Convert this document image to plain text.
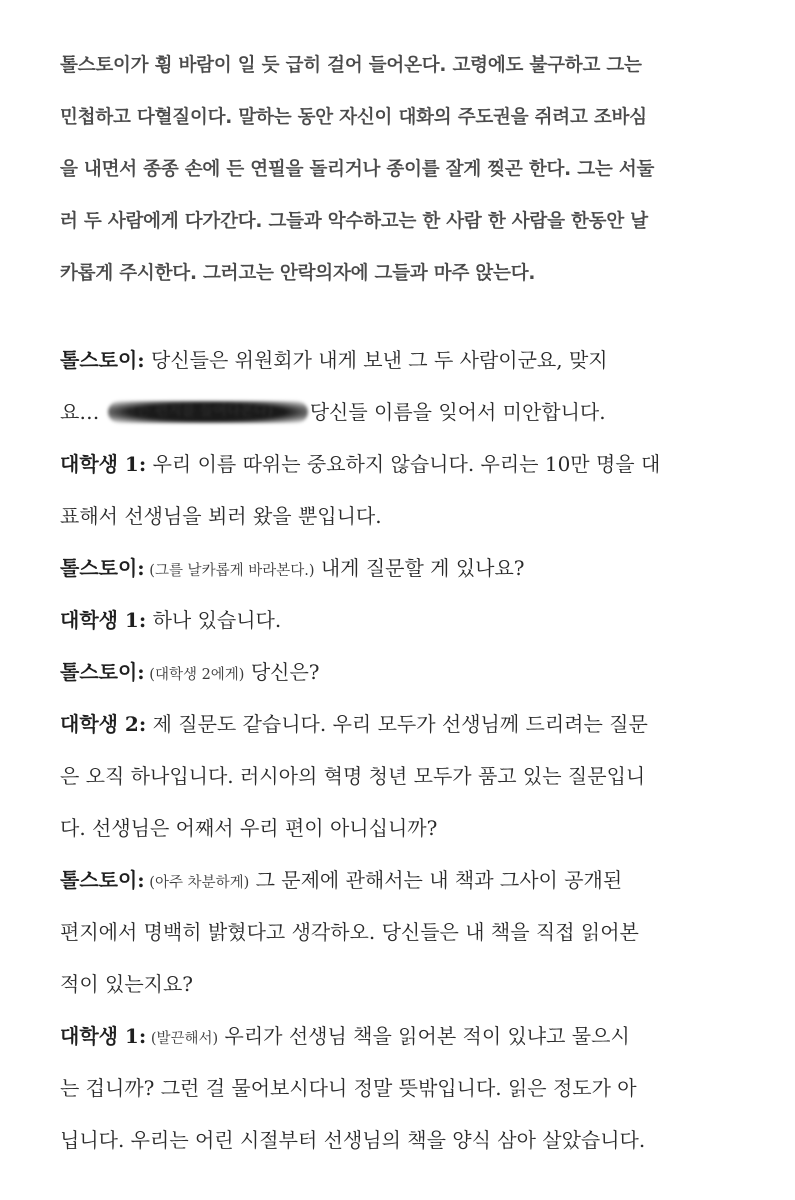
톨스토이가 휭 바람이 일 듯 급히 걸어 들어온다. 고령에도 불구하고 그는
민첩하고 다혈질이다. 말하는 동안 자신이 대화의 주도권을 쥐려고 조바심
을 내면서 종종 손에 든 연필을 돌리거나 종이를 잘게 찢곤 한다. 그는 서둘
러 두 사람에게 다가간다. 그들과 악수하고는 한 사람 한 사람을 한동안 날
카롭게 주시한다. 그러고는 안락의자에 그들과 마주 앉는다.
톨스토이: 당신들은 위원회가 내게 보낸 그 두 사람이군요, 맞지
요… (그는 편지를 들여다본다) 당신들 이름을 잊어서 미안합니다.
대학생 1: 우리 이름 따위는 중요하지 않습니다. 우리는 10만 명을 대
표해서 선생님을 뵈러 왔을 뿐입니다.
톨스토이: (그를 날카롭게 바라본다.) 내게 질문할 게 있나요?
대학생 1: 하나 있습니다.
톨스토이: (대학생 2에게) 당신은?
대학생 2: 제 질문도 같습니다. 우리 모두가 선생님께 드리려는 질문
은 오직 하나입니다. 러시아의 혁명 청년 모두가 품고 있는 질문입니
다. 선생님은 어째서 우리 편이 아니십니까?
톨스토이: (아주 차분하게) 그 문제에 관해서는 내 책과 그사이 공개된
편지에서 명백히 밝혔다고 생각하오. 당신들은 내 책을 직접 읽어본
적이 있는지요?
대학생 1: (발끈해서) 우리가 선생님 책을 읽어본 적이 있냐고 물으시
는 겁니까? 그런 걸 물어보시다니 정말 뜻밖입니다. 읽은 정도가 아
닙니다. 우리는 어린 시절부터 선생님의 책을 양식 삼아 살았습니다.
